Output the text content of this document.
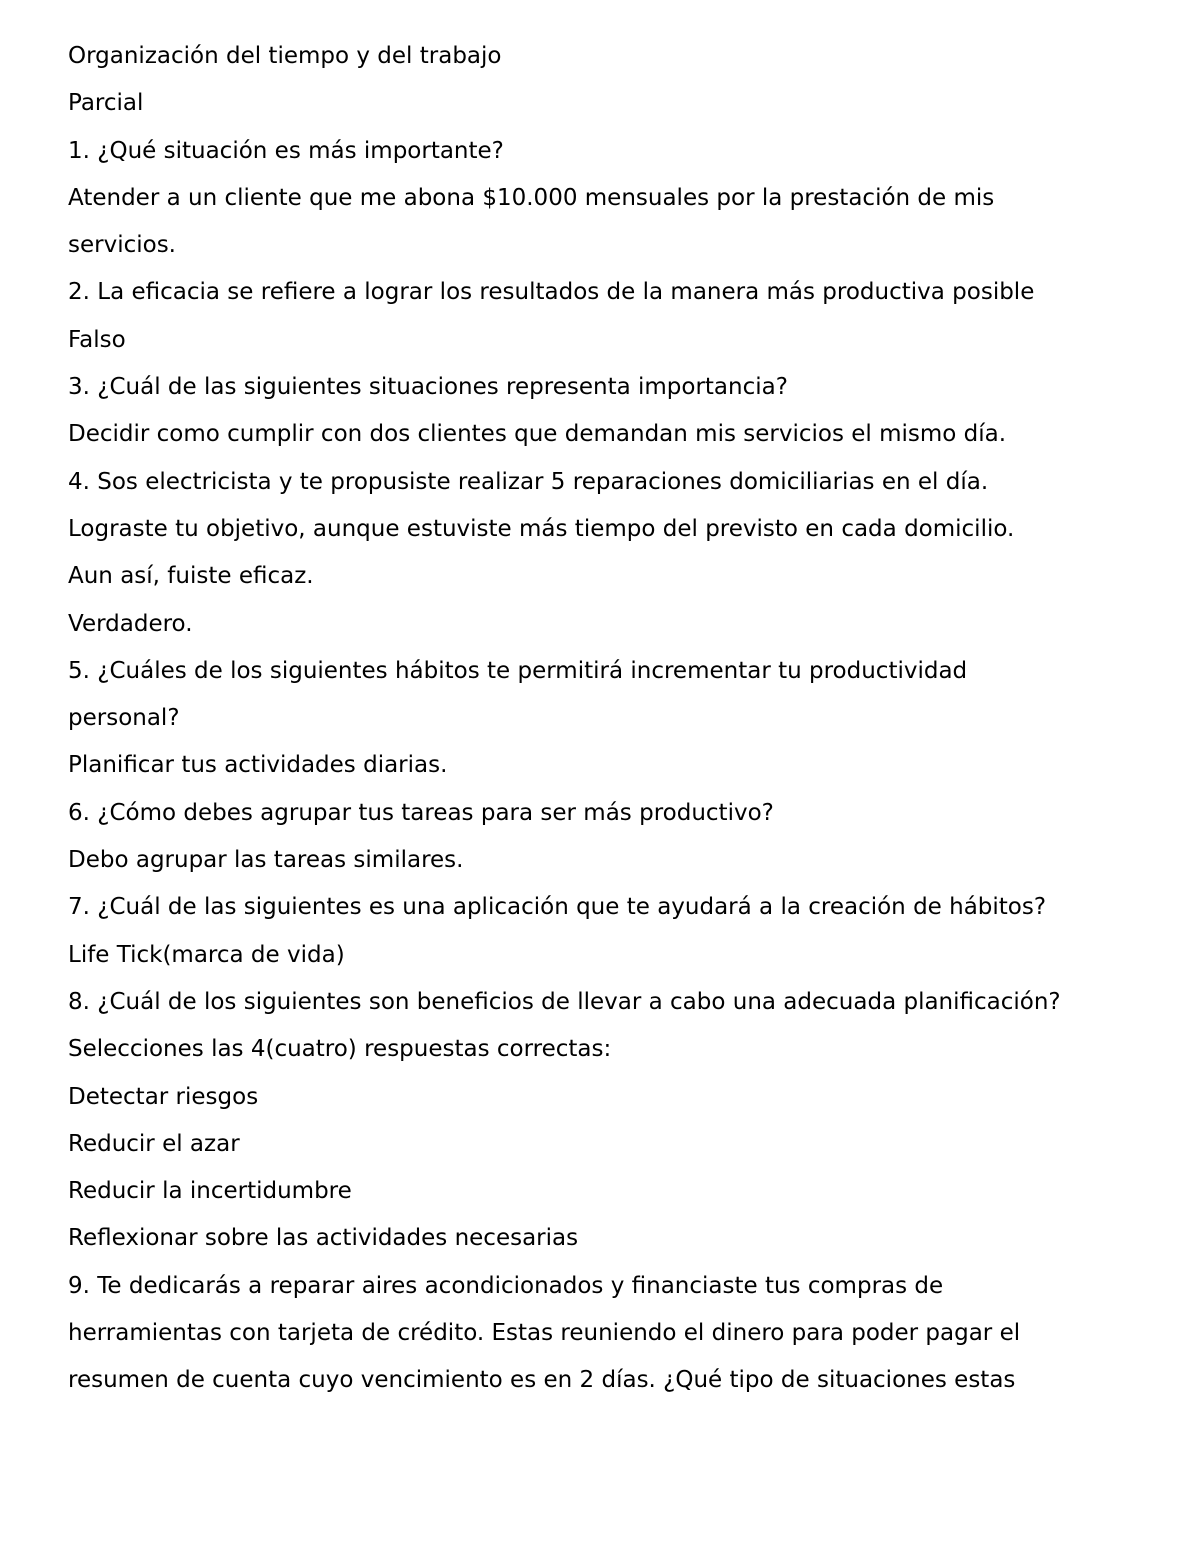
Organización del tiempo y del trabajo

Parcial

1. ¿Qué situación es más importante?

Atender a un cliente que me abona $10.000 mensuales por la prestación de mis

servicios.

2. La eficacia se refiere a lograr los resultados de la manera más productiva posible

Falso

3. ¿Cuál de las siguientes situaciones representa importancia?

Decidir como cumplir con dos clientes que demandan mis servicios el mismo día.

4. Sos electricista y te propusiste realizar 5 reparaciones domiciliarias en el día.

Lograste tu objetivo, aunque estuviste más tiempo del previsto en cada domicilio.

Aun así, fuiste eficaz.

Verdadero.

5. ¿Cuáles de los siguientes hábitos te permitirá incrementar tu productividad

personal?

Planificar tus actividades diarias.

6. ¿Cómo debes agrupar tus tareas para ser más productivo?

Debo agrupar las tareas similares.

7. ¿Cuál de las siguientes es una aplicación que te ayudará a la creación de hábitos?

Life Tick(marca de vida)

8. ¿Cuál de los siguientes son beneficios de llevar a cabo una adecuada planificación?

Selecciones las 4(cuatro) respuestas correctas:

Detectar riesgos

Reducir el azar

Reducir la incertidumbre

Reflexionar sobre las actividades necesarias

9. Te dedicarás a reparar aires acondicionados y financiaste tus compras de

herramientas con tarjeta de crédito. Estas reuniendo el dinero para poder pagar el

resumen de cuenta cuyo vencimiento es en 2 días. ¿Qué tipo de situaciones estas
